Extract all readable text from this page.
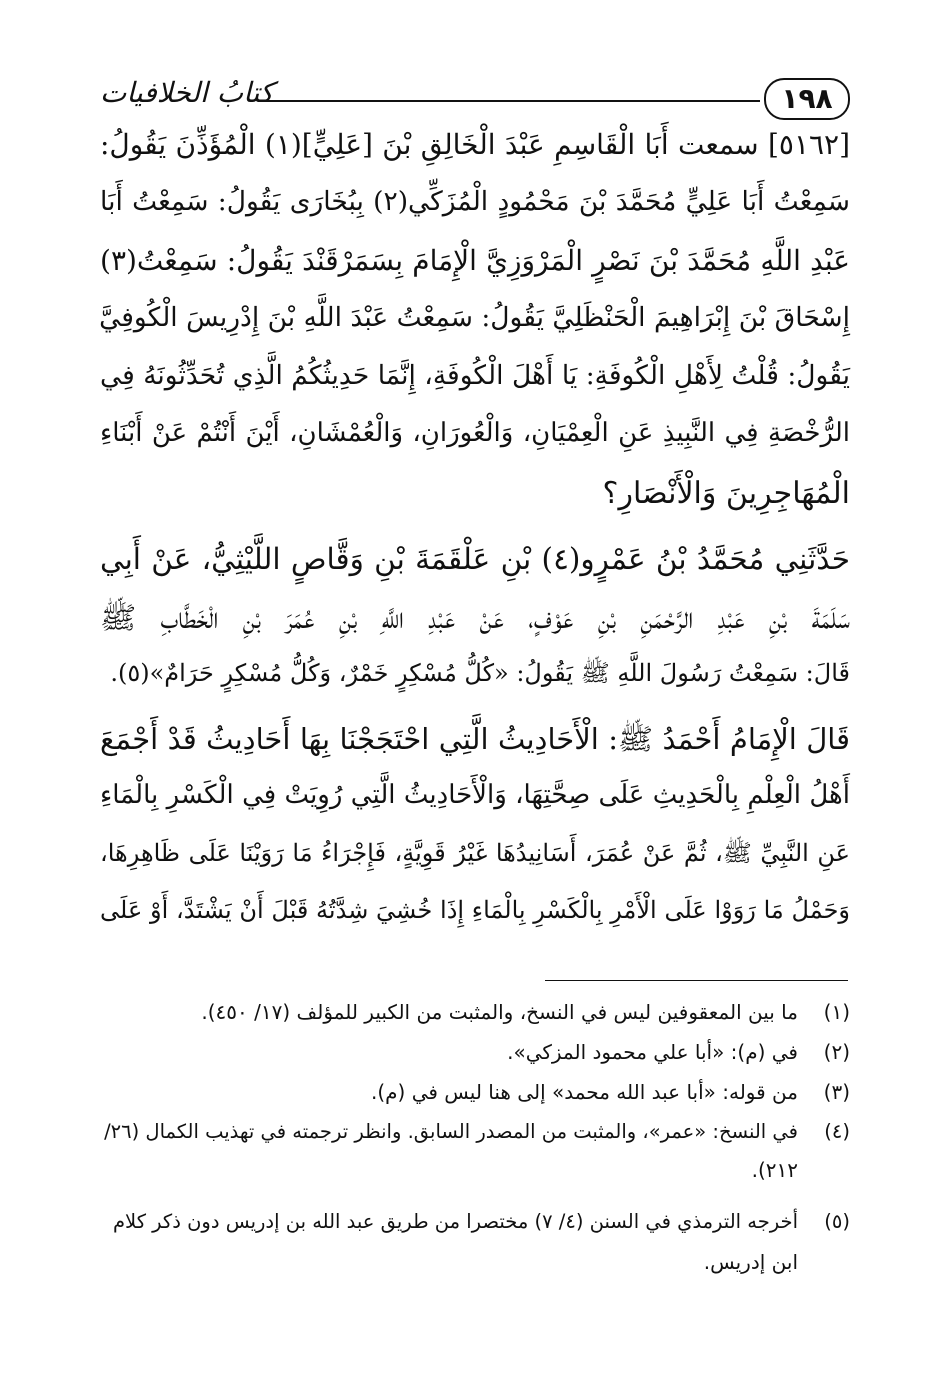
كتابُ الخلافيات	١٩٨
[٥١٦٢] سمعت أَبَا الْقَاسِمِ عَبْدَ الْخَالِقِ بْنَ [عَلِيٍّ](١) الْمُؤَذِّنَ يَقُولُ:
سَمِعْتُ أَبَا عَلِيٍّ مُحَمَّدَ بْنَ مَحْمُودٍ الْمُزَكِّي(٢) بِبُخَارَى يَقُولُ: سَمِعْتُ أَبَا
عَبْدِ اللَّهِ مُحَمَّدَ بْنَ نَصْرٍ الْمَرْوَزِيَّ الْإِمَامَ بِسَمَرْقَنْدَ يَقُولُ: سَمِعْتُ(٣)
إِسْحَاقَ بْنَ إِبْرَاهِيمَ الْحَنْظَلِيَّ يَقُولُ: سَمِعْتُ عَبْدَ اللَّهِ بْنَ إِدْرِيسَ الْكُوفِيَّ
يَقُولُ: قُلْتُ لِأَهْلِ الْكُوفَةِ: يَا أَهْلَ الْكُوفَةِ، إِنَّمَا حَدِيثُكُمُ الَّذِي تُحَدِّثُونَهُ فِي
الرُّخْصَةِ فِي النَّبِيذِ عَنِ الْعِمْيَانِ، وَالْعُورَانِ، وَالْعُمْشَانِ، أَيْنَ أَنْتُمْ عَنْ أَبْنَاءِ
الْمُهَاجِرِينَ وَالْأَنْصَارِ؟
حَدَّثَنِي مُحَمَّدُ بْنُ عَمْرٍو(٤) بْنِ عَلْقَمَةَ بْنِ وَقَّاصٍ اللَّيْثِيُّ، عَنْ أَبِي
سَلَمَةَ بْنِ عَبْدِ الرَّحْمَنِ بْنِ عَوْفٍ، عَنْ عَبْدِ اللَّهِ بْنِ عُمَرَ بْنِ الْخَطَّابِ ﷺ
قَالَ: سَمِعْتُ رَسُولَ اللَّهِ ﷺ يَقُولُ: «كُلُّ مُسْكِرٍ خَمْرٌ، وَكُلُّ مُسْكِرٍ حَرَامٌ»(٥).
قَالَ الْإِمَامُ أَحْمَدُ ﷺ: الْأَحَادِيثُ الَّتِي احْتَجَجْنَا بِهَا أَحَادِيثُ قَدْ أَجْمَعَ
أَهْلُ الْعِلْمِ بِالْحَدِيثِ عَلَى صِحَّتِهَا، وَالْأَحَادِيثُ الَّتِي رُوِيَتْ فِي الْكَسْرِ بِالْمَاءِ
عَنِ النَّبِيِّ ﷺ، ثُمَّ عَنْ عُمَرَ، أَسَانِيدُهَا غَيْرُ قَوِيَّةٍ، فَإِجْرَاءُ مَا رَوَيْنَا عَلَى ظَاهِرِهَا،
وَحَمْلُ مَا رَوَوْا عَلَى الْأَمْرِ بِالْكَسْرِ بِالْمَاءِ إِذَا خُشِيَ شِدَّتُهُ قَبْلَ أَنْ يَشْتَدَّ، أَوْ عَلَى
(١)ما بين المعقوفين ليس في النسخ، والمثبت من الكبير للمؤلف (١٧/ ٤٥٠).
(٢)في (م): «أبا علي محمود المزكي».
(٣)من قوله: «أبا عبد الله محمد» إلى هنا ليس في (م).
(٤)في النسخ: «عمر»، والمثبت من المصدر السابق. وانظر ترجمته في تهذيب الكمال (٢٦/
٢١٢).
(٥)أخرجه الترمذي في السنن (٤/ ٧) مختصرا من طريق عبد الله بن إدريس دون ذكر كلام
ابن إدريس.
